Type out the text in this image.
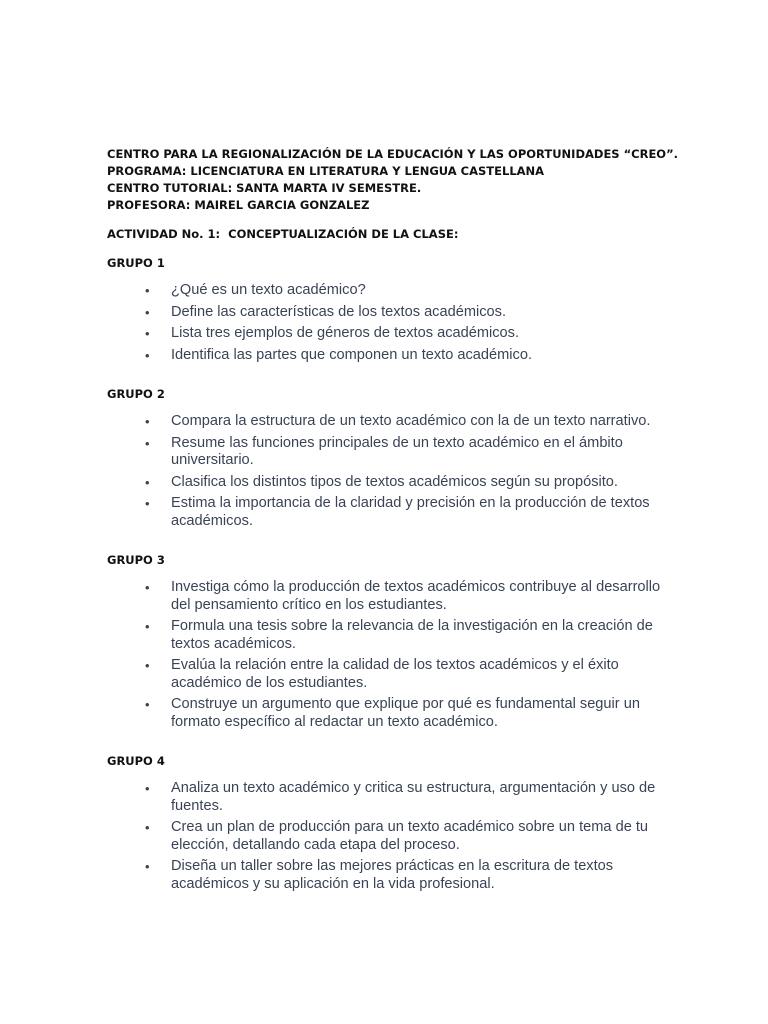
CENTRO PARA LA REGIONALIZACIÓN DE LA EDUCACIÓN Y LAS OPORTUNIDADES “CREO”.
PROGRAMA: LICENCIATURA EN LITERATURA Y LENGUA CASTELLANA
CENTRO TUTORIAL: SANTA MARTA IV SEMESTRE.
PROFESORA: MAIREL GARCIA GONZALEZ
ACTIVIDAD No. 1:  CONCEPTUALIZACIÓN DE LA CLASE:
GRUPO 1
•	¿Qué es un texto académico?
•	Define las características de los textos académicos.
•	Lista tres ejemplos de géneros de textos académicos.
•	Identifica las partes que componen un texto académico.
GRUPO 2
•	Compara la estructura de un texto académico con la de un texto narrativo.
•	Resume las funciones principales de un texto académico en el ámbito universitario.
•	Clasifica los distintos tipos de textos académicos según su propósito.
•	Estima la importancia de la claridad y precisión en la producción de textos académicos.
GRUPO 3
•	Investiga cómo la producción de textos académicos contribuye al desarrollo del pensamiento crítico en los estudiantes.
•	Formula una tesis sobre la relevancia de la investigación en la creación de textos académicos.
•	Evalúa la relación entre la calidad de los textos académicos y el éxito académico de los estudiantes.
•	Construye un argumento que explique por qué es fundamental seguir un formato específico al redactar un texto académico.
GRUPO 4
•	Analiza un texto académico y critica su estructura, argumentación y uso de fuentes.
•	Crea un plan de producción para un texto académico sobre un tema de tu elección, detallando cada etapa del proceso.
•	Diseña un taller sobre las mejores prácticas en la escritura de textos académicos y su aplicación en la vida profesional.
